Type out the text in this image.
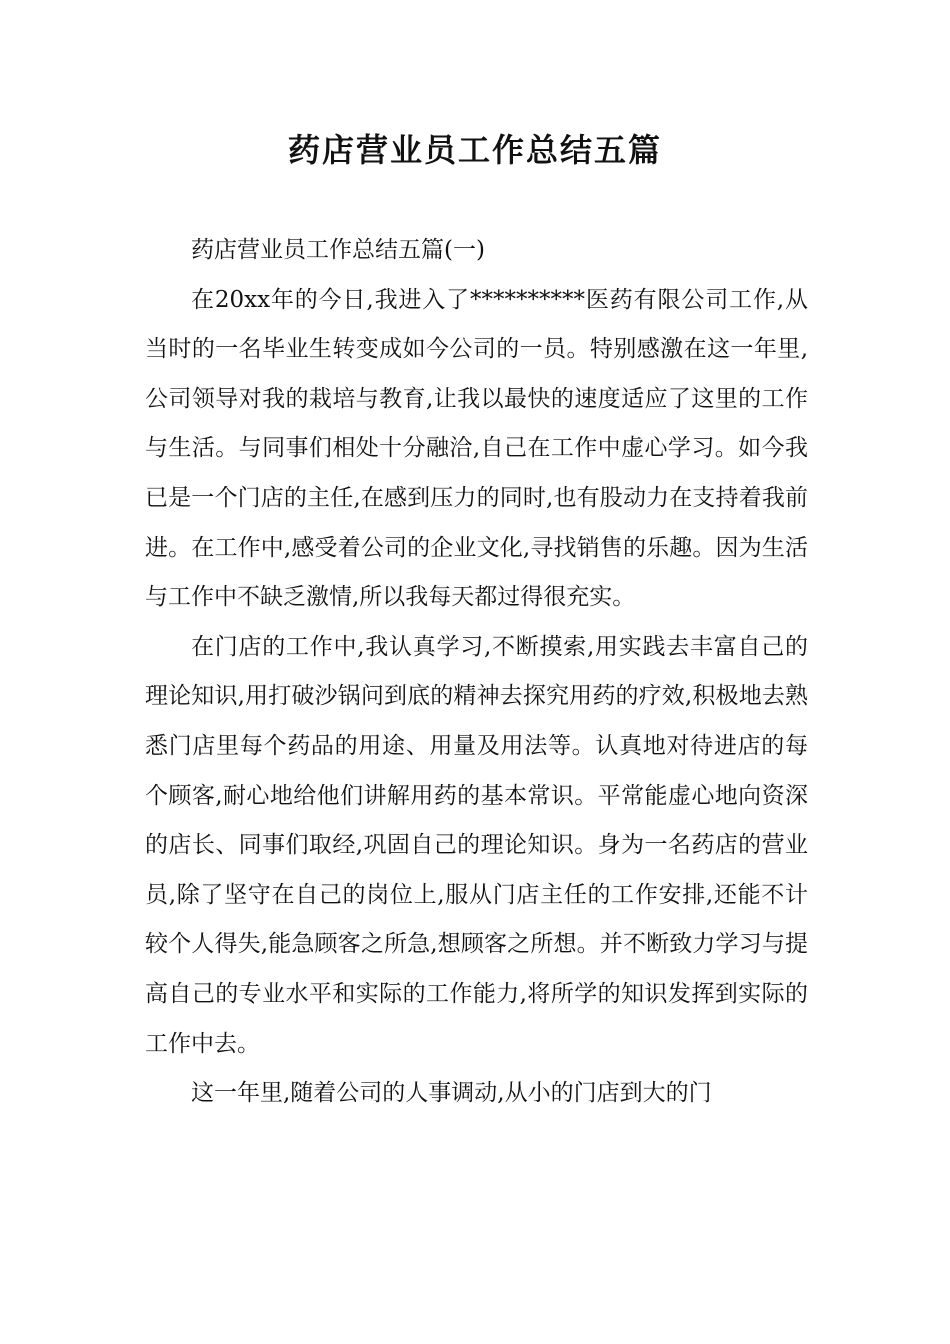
药店营业员工作总结五篇

药店营业员工作总结五篇(一)

在20xx年的今日,我进入了**********医药有限公司工作,从当时的一名毕业生转变成如今公司的一员。特别感激在这一年里,公司领导对我的栽培与教育,让我以最快的速度适应了这里的工作与生活。与同事们相处十分融洽,自己在工作中虚心学习。如今我已是一个门店的主任,在感到压力的同时,也有股动力在支持着我前进。在工作中,感受着公司的企业文化,寻找销售的乐趣。因为生活与工作中不缺乏激情,所以我每天都过得很充实。

在门店的工作中,我认真学习,不断摸索,用实践去丰富自己的理论知识,用打破沙锅问到底的精神去探究用药的疗效,积极地去熟悉门店里每个药品的用途、用量及用法等。认真地对待进店的每个顾客,耐心地给他们讲解用药的基本常识。平常能虚心地向资深的店长、同事们取经,巩固自己的理论知识。身为一名药店的营业员,除了坚守在自己的岗位上,服从门店主任的工作安排,还能不计较个人得失,能急顾客之所急,想顾客之所想。并不断致力学习与提高自己的专业水平和实际的工作能力,将所学的知识发挥到实际的工作中去。

这一年里,随着公司的人事调动,从小的门店到大的门
